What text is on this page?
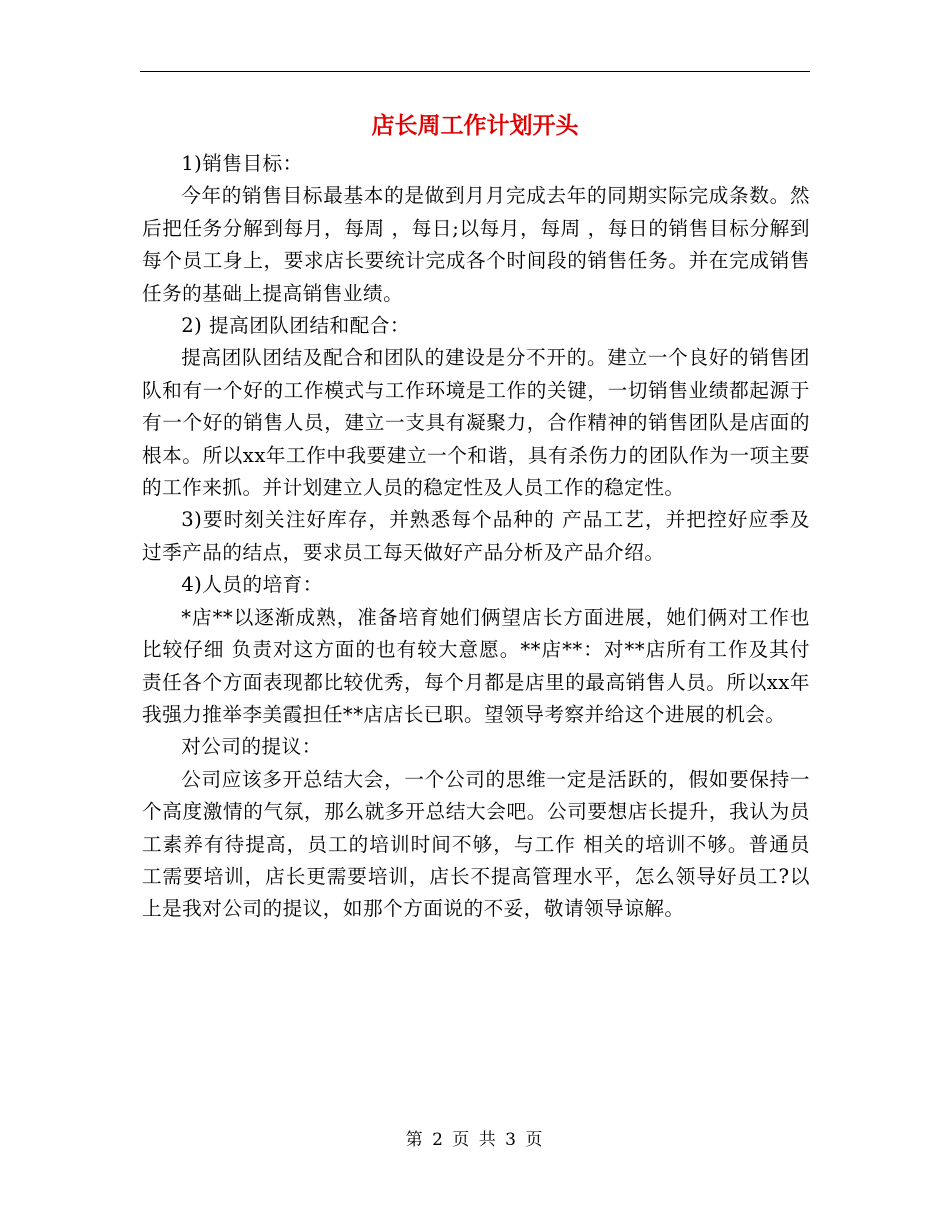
店长周工作计划开头

1)销售目标：

今年的销售目标最基本的是做到月月完成去年的同期实际完成条数。然后把任务分解到每月，每周 ，每日;以每月，每周 ，每日的销售目标分解到每个员工身上，要求店长要统计完成各个时间段的销售任务。并在完成销售任务的基础上提高销售业绩。

2) 提高团队团结和配合：

提高团队团结及配合和团队的建设是分不开的。建立一个良好的销售团队和有一个好的工作模式与工作环境是工作的关键，一切销售业绩都起源于有一个好的销售人员，建立一支具有凝聚力，合作精神的销售团队是店面的根本。所以xx年工作中我要建立一个和谐，具有杀伤力的团队作为一项主要的工作来抓。并计划建立人员的稳定性及人员工作的稳定性。

3)要时刻关注好库存，并熟悉每个品种的 产品工艺，并把控好应季及过季产品的结点，要求员工每天做好产品分析及产品介绍。

4)人员的培育：

*店**以逐渐成熟，准备培育她们俩望店长方面进展，她们俩对工作也比较仔细 负责对这方面的也有较大意愿。**店**：对**店所有工作及其付责任各个方面表现都比较优秀，每个月都是店里的最高销售人员。所以xx年我强力推举李美霞担任**店店长已职。望领导考察并给这个进展的机会。

对公司的提议：

公司应该多开总结大会，一个公司的思维一定是活跃的，假如要保持一个高度激情的气氛，那么就多开总结大会吧。公司要想店长提升，我认为员工素养有待提高，员工的培训时间不够，与工作 相关的培训不够。普通员工需要培训，店长更需要培训，店长不提高管理水平，怎么领导好员工?以上是我对公司的提议，如那个方面说的不妥，敬请领导谅解。

第 2 页 共 3 页
